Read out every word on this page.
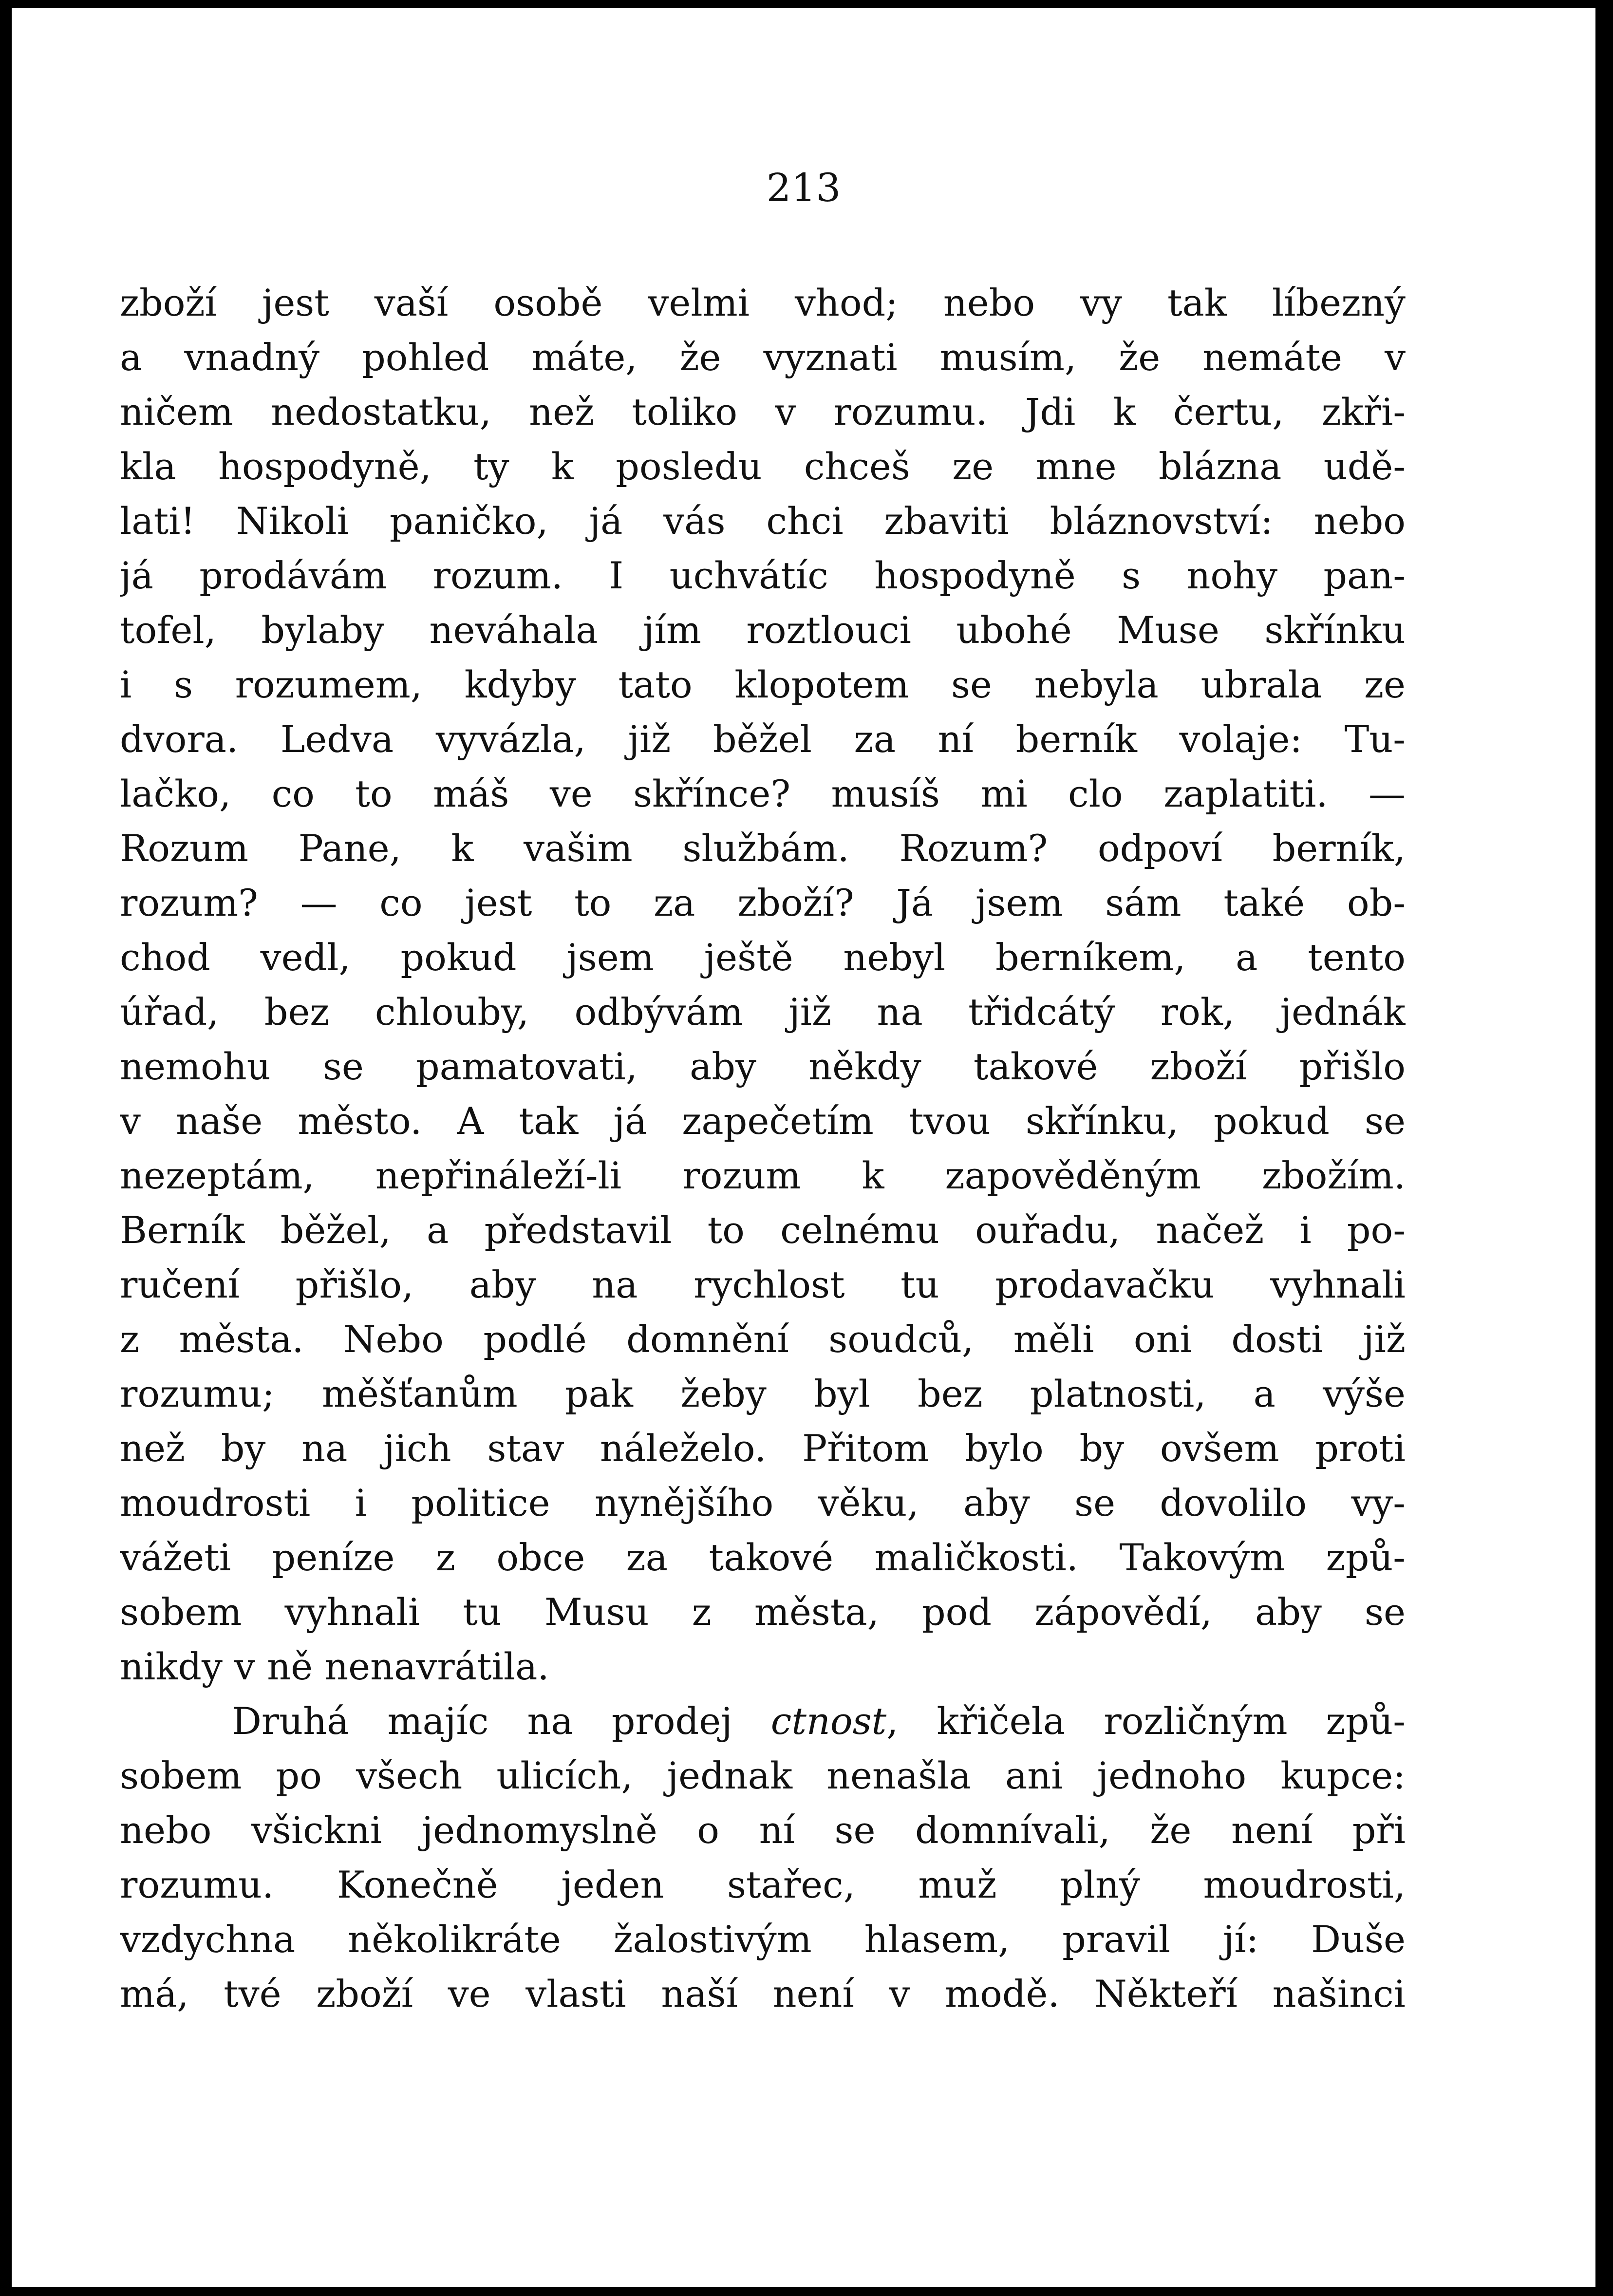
213

zboží jest vaší osobě velmi vhod; nebo vy tak líbezný
a vnadný pohled máte, že vyznati musím, že nemáte v
ničem nedostatku, než toliko v rozumu. Jdi k čertu, zkři-
kla hospodyně, ty k posledu chceš ze mne blázna udě-
lati! Nikoli paničko, já vás chci zbaviti bláznovství: nebo
já prodávám rozum. I uchvátíc hospodyně s nohy pan-
tofel, bylaby neváhala jím roztlouci ubohé Muse skřínku
i s rozumem, kdyby tato klopotem se nebyla ubrala ze
dvora. Ledva vyvázla, již běžel za ní berník volaje: Tu-
lačko, co to máš ve skřínce? musíš mi clo zaplatiti. —
Rozum Pane, k vašim službám. Rozum? odpoví berník,
rozum? — co jest to za zboží? Já jsem sám také ob-
chod vedl, pokud jsem ještě nebyl berníkem, a tento
úřad, bez chlouby, odbývám již na třidcátý rok, jednák
nemohu se pamatovati, aby někdy takové zboží přišlo
v naše město. A tak já zapečetím tvou skřínku, pokud se
nezeptám, nepřináleží-li rozum k zapověděným zbožím.
Berník běžel, a představil to celnému ouřadu, načež i po-
ručení přišlo, aby na rychlost tu prodavačku vyhnali
z města. Nebo podlé domnění soudců, měli oni dosti již
rozumu; měšťanům pak žeby byl bez platnosti, a výše
než by na jich stav náleželo. Přitom bylo by ovšem proti
moudrosti i politice nynějšího věku, aby se dovolilo vy-
vážeti peníze z obce za takové maličkosti. Takovým způ-
sobem vyhnali tu Musu z města, pod zápovědí, aby se
nikdy v ně nenavrátila.
Druhá majíc na prodej ctnost, křičela rozličným způ-
sobem po všech ulicích, jednak nenašla ani jednoho kupce:
nebo všickni jednomyslně o ní se domnívali, že není při
rozumu. Konečně jeden stařec, muž plný moudrosti,
vzdychna několikráte žalostivým hlasem, pravil jí: Duše
má, tvé zboží ve vlasti naší není v modě. Někteří našinci
